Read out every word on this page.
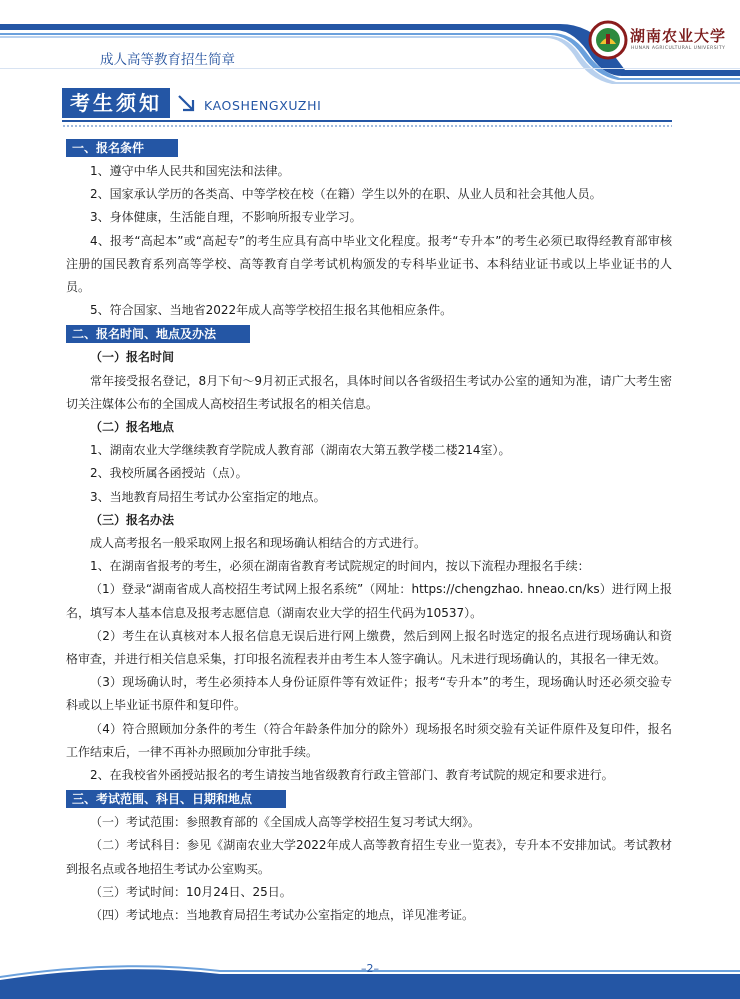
成人高等教育招生简章
湖南农业大学
HUNAN AGRICULTURAL UNIVERSITY
考生须知	KAOSHENGXUZHI
一、报名条件

1、遵守中华人民共和国宪法和法律。

2、国家承认学历的各类高、中等学校在校（在籍）学生以外的在职、从业人员和社会其他人员。

3、身体健康，生活能自理，不影响所报专业学习。

4、报考“高起本”或“高起专”的考生应具有高中毕业文化程度。报考“专升本”的考生必须已取得经教育部审核注册的国民教育系列高等学校、高等教育自学考试机构颁发的专科毕业证书、本科结业证书或以上毕业证书的人员。

5、符合国家、当地省2022年成人高等学校招生报名其他相应条件。

二、报名时间、地点及办法

（一）报名时间

常年接受报名登记，8月下旬～9月初正式报名，具体时间以各省级招生考试办公室的通知为准，请广大考生密切关注媒体公布的全国成人高校招生考试报名的相关信息。

（二）报名地点

1、湖南农业大学继续教育学院成人教育部（湖南农大第五教学楼二楼214室）。

2、我校所属各函授站（点）。

3、当地教育局招生考试办公室指定的地点。

（三）报名办法

成人高考报名一般采取网上报名和现场确认相结合的方式进行。

1、在湖南省报考的考生，必须在湖南省教育考试院规定的时间内，按以下流程办理报名手续：

（1）登录“湖南省成人高校招生考试网上报名系统”（网址：https://chengzhao. hneao.cn/ks）进行网上报名，填写本人基本信息及报考志愿信息（湖南农业大学的招生代码为10537）。

（2）考生在认真核对本人报名信息无误后进行网上缴费，然后到网上报名时选定的报名点进行现场确认和资格审查，并进行相关信息采集，打印报名流程表并由考生本人签字确认。凡未进行现场确认的，其报名一律无效。

（3）现场确认时，考生必须持本人身份证原件等有效证件；报考“专升本”的考生，现场确认时还必须交验专科或以上毕业证书原件和复印件。

（4）符合照顾加分条件的考生（符合年龄条件加分的除外）现场报名时须交验有关证件原件及复印件，报名工作结束后，一律不再补办照顾加分审批手续。

2、在我校省外函授站报名的考生请按当地省级教育行政主管部门、教育考试院的规定和要求进行。

三、考试范围、科目、日期和地点

（一）考试范围：参照教育部的《全国成人高等学校招生复习考试大纲》。

（二）考试科目：参见《湖南农业大学2022年成人高等教育招生专业一览表》，专升本不安排加试。考试教材到报名点或各地招生考试办公室购买。

（三）考试时间：10月24日、25日。

（四）考试地点：当地教育局招生考试办公室指定的地点，详见准考证。

–2–
